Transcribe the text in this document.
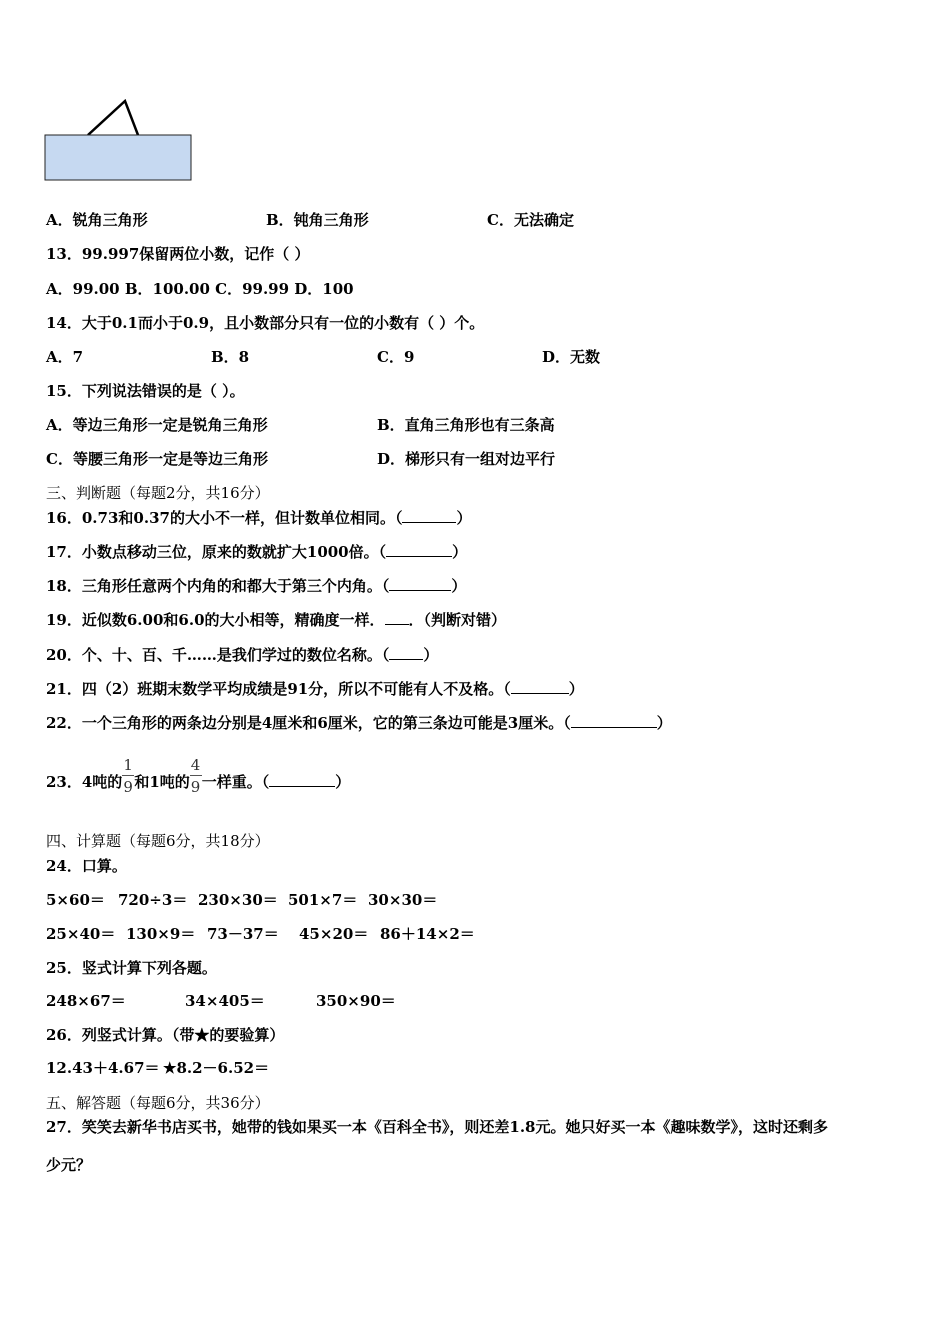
A．锐角三角形	B．钝角三角形	C．无法确定
13．99.997保留两位小数，记作（ ）
A．99.00 B．100.00 C．99.99 D．100
14．大于0.1而小于0.9，且小数部分只有一位的小数有（ ）个。
A．7	B．8	C．9	D．无数
15．下列说法错误的是（ ）。
A．等边三角形一定是锐角三角形	B．直角三角形也有三条高
C．等腰三角形一定是等边三角形	D．梯形只有一组对边平行
三、判断题（每题2分，共16分）
16．0.73和0.37的大小不一样，但计数单位相同。（	）
17．小数点移动三位，原来的数就扩大1000倍。（	）
18．三角形任意两个内角的和都大于第三个内角。（	）
19．近似数6.00和6.0的大小相等，精确度一样． ．（判断对错）
20．个、十、百、千……是我们学过的数位名称。（ ）
21．四（2）班期末数学平均成绩是91分，所以不可能有人不及格。（	）
22．一个三角形的两条边分别是4厘米和6厘米，它的第三条边可能是3厘米。（	）
23．4吨的
$\frac{1}{9}$
和1吨的
$\frac{4}{9}$
一样重。（	）
四、计算题（每题6分，共18分）
24．口算。
5×60＝ 720÷3＝ 230×30＝ 501×7＝ 30×30＝
25×40＝ 130×9＝ 73－37＝ 45×20＝ 86＋14×2＝
25．竖式计算下列各题。
248×67＝	34×405＝	350×90＝
26．列竖式计算。（带★的要验算）
12.43＋4.67＝ ★8.2－6.52＝
五、解答题（每题6分，共36分）
27．笑笑去新华书店买书，她带的钱如果买一本《百科全书》，则还差1.8元。她只好买一本《趣味数学》，这时还剩多
少元？
